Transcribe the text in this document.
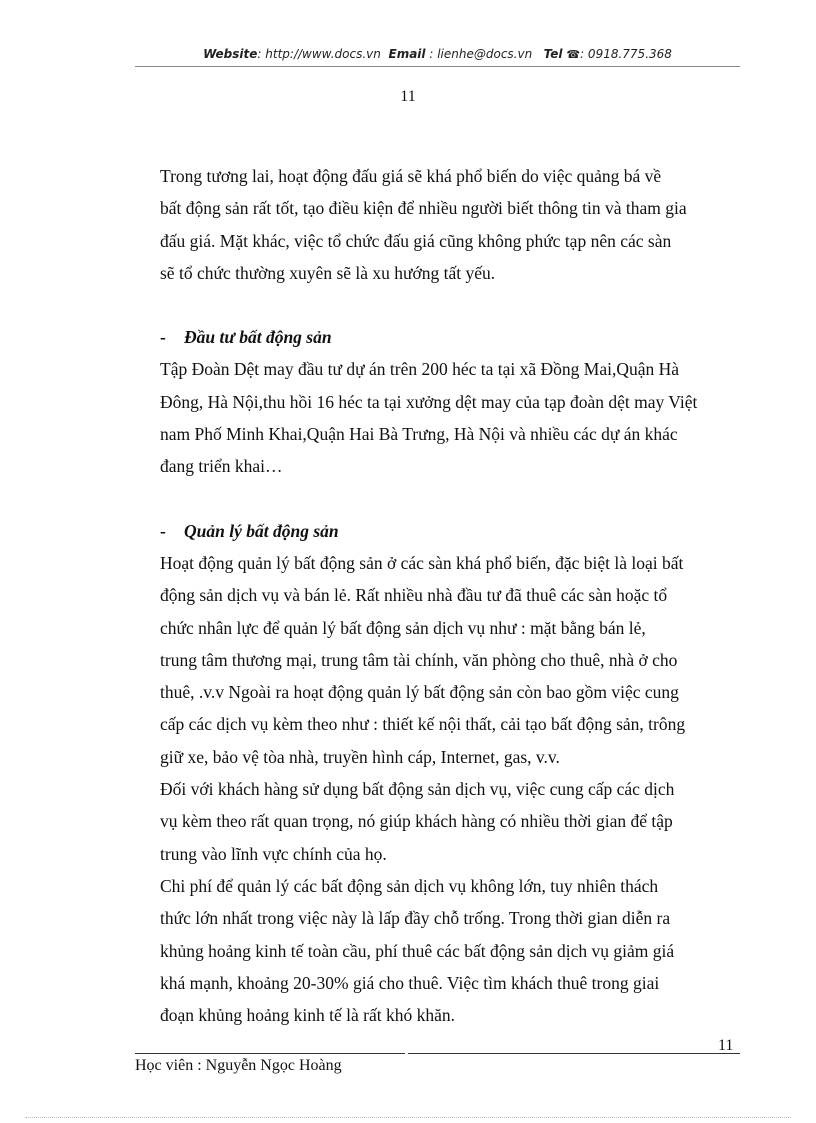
Website: http://www.docs.vn Email : lienhe@docs.vn Tel ☎: 0918.775.368
11
Trong tương lai, hoạt động đấu giá sẽ khá phổ biến do việc quảng bá về
bất động sản rất tốt, tạo điều kiện để nhiều người biết thông tin và tham gia
đấu giá. Mặt khác, việc tổ chức đấu giá cũng không phức tạp nên các sàn
sẽ tổ chức thường xuyên sẽ là xu hướng tất yếu.
- Đầu tư bất động sản
Tập Đoàn Dệt may đầu tư dự án trên 200 héc ta tại xã Đồng Mai,Quận Hà
Đông, Hà Nội,thu hồi 16 héc ta tại xưởng dệt may của tạp đoàn dệt may Việt
nam Phố Minh Khai,Quận Hai Bà Trưng, Hà Nội và nhiều các dự án khác
đang triển khai…
- Quản lý bất động sản
Hoạt động quản lý bất động sản ở các sàn khá phổ biến, đặc biệt là loại bất
động sản dịch vụ và bán lẻ. Rất nhiều nhà đầu tư đã thuê các sàn hoặc tổ
chức nhân lực để quản lý bất động sản dịch vụ như : mặt bằng bán lẻ,
trung tâm thương mại, trung tâm tài chính, văn phòng cho thuê, nhà ở cho
thuê, .v.v Ngoài ra hoạt động quản lý bất động sản còn bao gồm việc cung
cấp các dịch vụ kèm theo như : thiết kế nội thất, cải tạo bất động sản, trông
giữ xe, bảo vệ tòa nhà, truyền hình cáp, Internet, gas, v.v.
Đối với khách hàng sử dụng bất động sản dịch vụ, việc cung cấp các dịch
vụ kèm theo rất quan trọng, nó giúp khách hàng có nhiều thời gian để tập
trung vào lĩnh vực chính của họ.
Chi phí để quản lý các bất động sản dịch vụ không lớn, tuy nhiên thách
thức lớn nhất trong việc này là lấp đầy chỗ trống. Trong thời gian diễn ra
khủng hoảng kinh tế toàn cầu, phí thuê các bất động sản dịch vụ giảm giá
khá mạnh, khoảng 20-30% giá cho thuê. Việc tìm khách thuê trong giai
đoạn khủng hoảng kinh tế là rất khó khăn.
11
Học viên : Nguyễn Ngọc Hoàng
